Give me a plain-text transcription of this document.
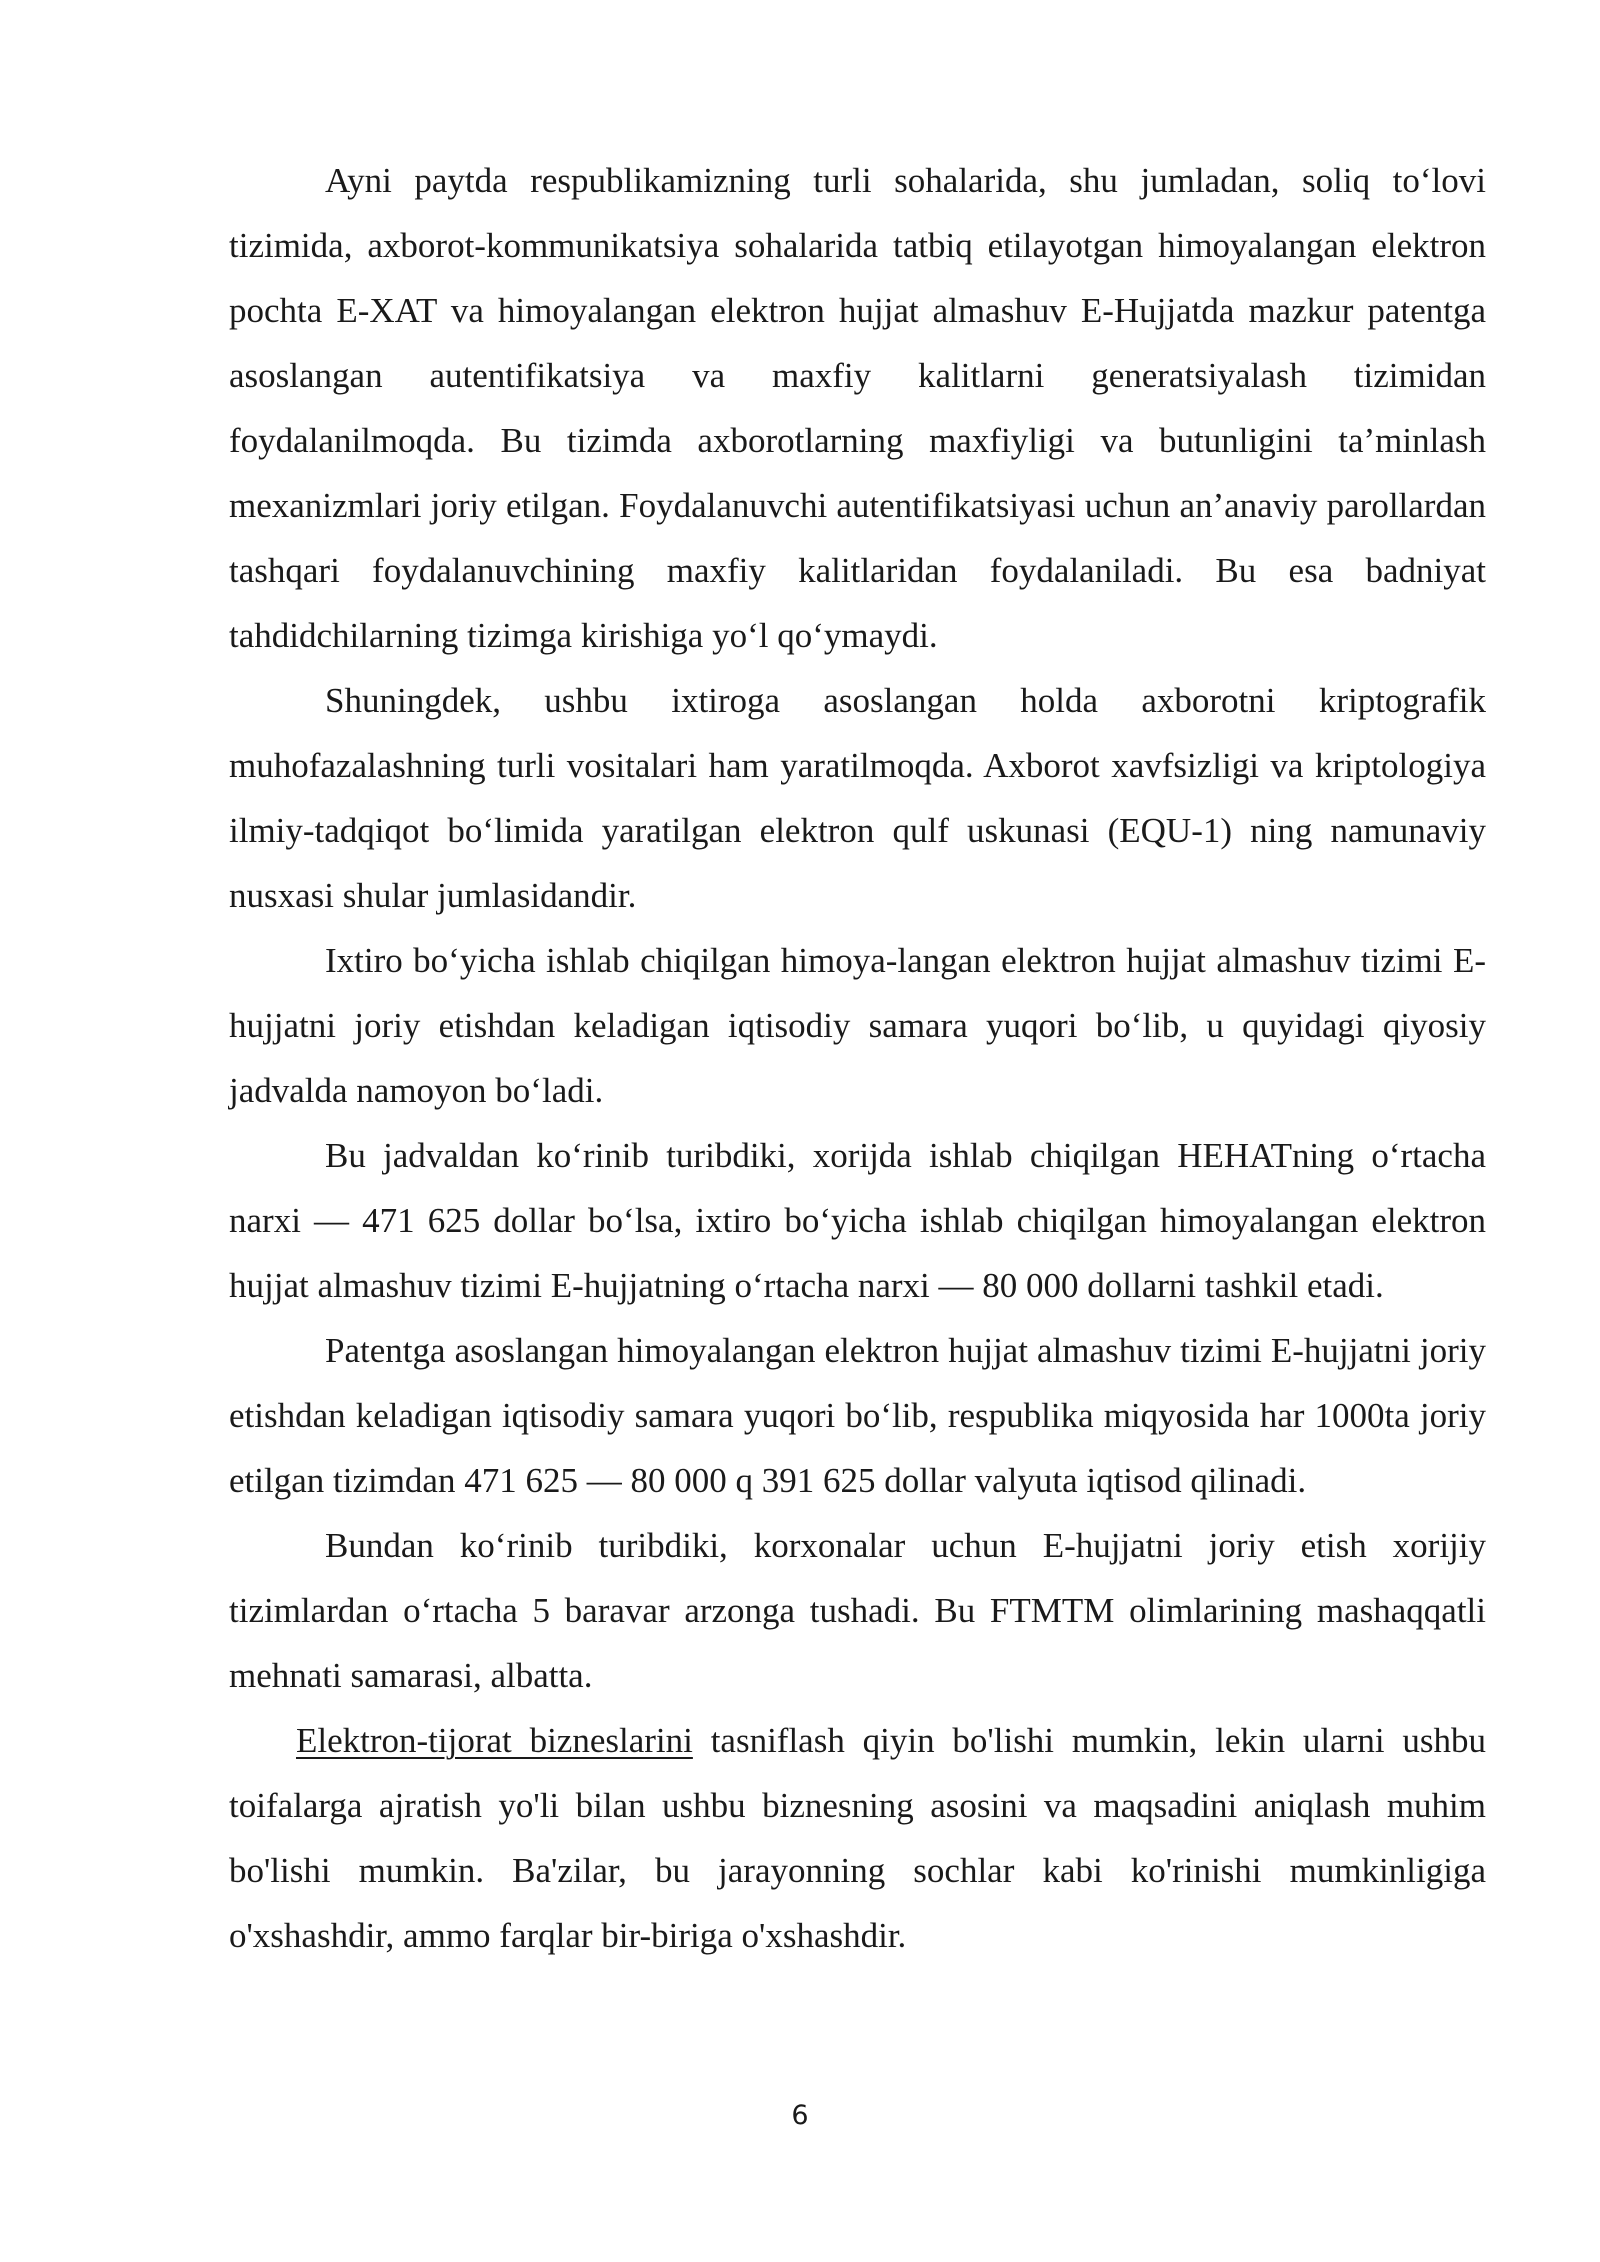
Ayni paytda respublikamizning turli sohalarida, shu jumladan, soliq to‘lovi tizimida, axborot-kommunikatsiya sohalarida tatbiq etilayotgan himoyalangan elektron pochta E-XAT va himoyalangan elektron hujjat almashuv E-Hujjatda mazkur patentga asoslangan autentifikatsiya va maxfiy kalitlarni generatsiyalash tizimidan foydalanilmoqda. Bu tizimda axborotlarning maxfiyligi va butunligini ta’minlash mexanizmlari joriy etilgan. Foydalanuvchi autentifikatsiyasi uchun an’anaviy parollardan tashqari foydalanuvchining maxfiy kalitlaridan foydalaniladi. Bu esa badniyat tahdidchilarning tizimga kirishiga yo‘l qo‘ymaydi.

Shuningdek, ushbu ixtiroga asoslangan holda axborotni kriptografik muhofazalashning turli vositalari ham yaratilmoqda. Axborot xavfsizligi va kriptologiya ilmiy-tadqiqot bo‘limida yaratilgan elektron qulf uskunasi (EQU-1) ning namunaviy nusxasi shular jumlasidandir.

Ixtiro bo‘yicha ishlab chiqilgan himoya-langan elektron hujjat almashuv tizimi E-hujjatni joriy etishdan keladigan iqtisodiy samara yuqori bo‘lib, u quyidagi qiyosiy jadvalda namoyon bo‘ladi.

Bu jadvaldan ko‘rinib turibdiki, xorijda ishlab chiqilgan HEHATning o‘rtacha narxi — 471 625 dollar bo‘lsa, ixtiro bo‘yicha ishlab chiqilgan himoyalangan elektron hujjat almashuv tizimi E-hujjatning o‘rtacha narxi — 80 000 dollarni tashkil etadi.

Patentga asoslangan himoyalangan elektron hujjat almashuv tizimi E-hujjatni joriy etishdan keladigan iqtisodiy samara yuqori bo‘lib, respublika miqyosida har 1000ta joriy etilgan tizimdan 471 625 — 80 000 q 391 625 dollar valyuta iqtisod qilinadi.

Bundan ko‘rinib turibdiki, korxonalar uchun E-hujjatni joriy etish xorijiy tizimlardan o‘rtacha 5 baravar arzonga tushadi. Bu FTMTM olimlarining mashaqqatli mehnati samarasi, albatta.

Elektron-tijorat bizneslarini tasniflash qiyin bo'lishi mumkin, lekin ularni ushbu toifalarga ajratish yo'li bilan ushbu biznesning asosini va maqsadini aniqlash muhim bo'lishi mumkin. Ba'zilar, bu jarayonning sochlar kabi ko'rinishi mumkinligiga o'xshashdir, ammo farqlar bir-biriga o'xshashdir.

6
